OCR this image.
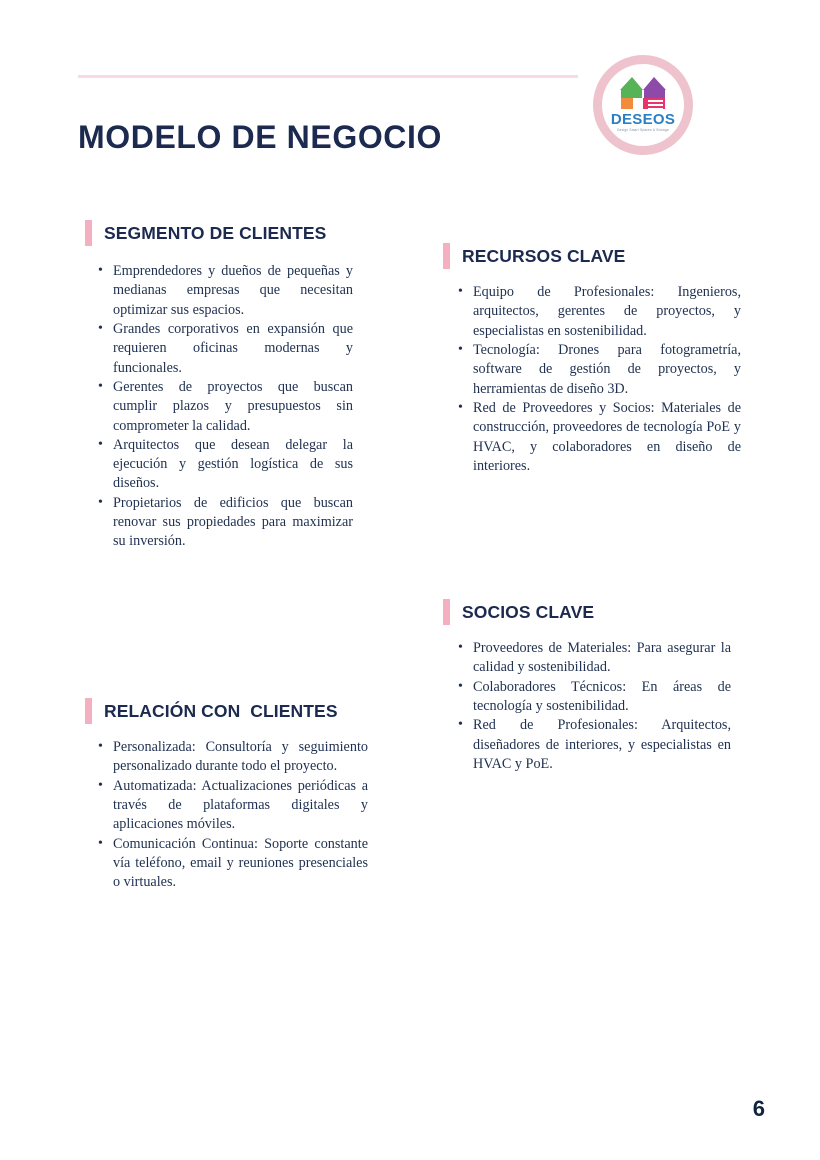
MODELO DE NEGOCIO	DESEOS
Design Smart Spaces & Storage
SEGMENTO DE CLIENTES
• Emprendedores y dueños de pequeñas y medianas empresas que necesitan optimizar sus espacios.
• Grandes corporativos en expansión que requieren oficinas modernas y funcionales.
• Gerentes de proyectos que buscan cumplir plazos y presupuestos sin comprometer la calidad.
• Arquitectos que desean delegar la ejecución y gestión logística de sus diseños.
• Propietarios de edificios que buscan renovar sus propiedades para maximizar su inversión.
RECURSOS CLAVE
• Equipo de Profesionales: Ingenieros, arquitectos, gerentes de proyectos, y especialistas en sostenibilidad.
• Tecnología: Drones para fotogrametría, software de gestión de proyectos, y herramientas de diseño 3D.
• Red de Proveedores y Socios: Materiales de construcción, proveedores de tecnología PoE y HVAC, y colaboradores en diseño de interiores.
SOCIOS CLAVE
• Proveedores de Materiales: Para asegurar la calidad y sostenibilidad.
• Colaboradores Técnicos: En áreas de tecnología y sostenibilidad.
• Red de Profesionales: Arquitectos, diseñadores de interiores, y especialistas en HVAC y PoE.
RELACIÓN CON  CLIENTES
• Personalizada: Consultoría y seguimiento personalizado durante todo el proyecto.
• Automatizada: Actualizaciones periódicas a través de plataformas digitales y aplicaciones móviles.
• Comunicación Continua: Soporte constante vía teléfono, email y reuniones presenciales o virtuales.
6
